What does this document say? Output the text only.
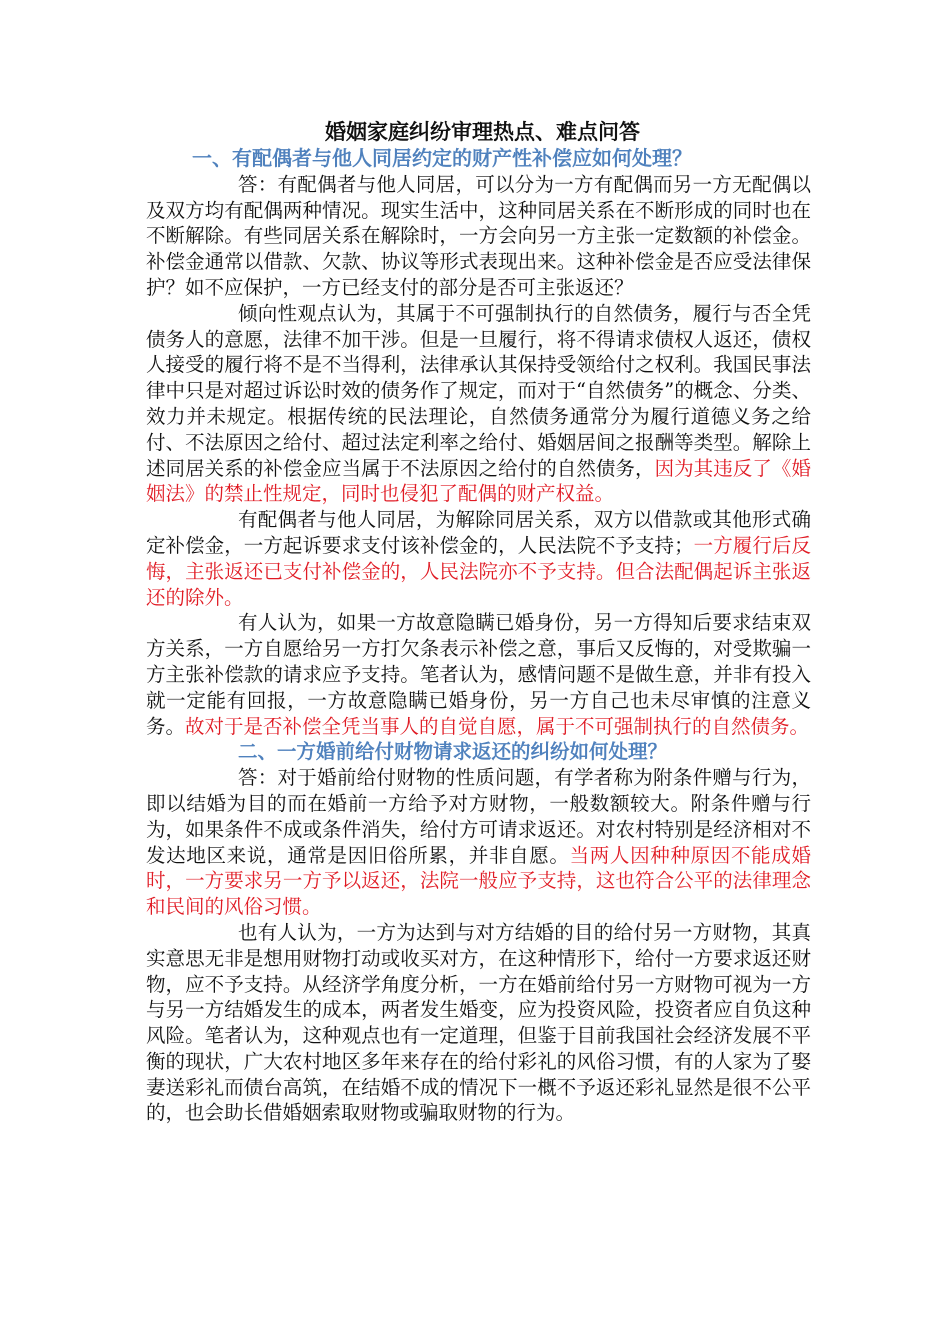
婚姻家庭纠纷审理热点、难点问答

一、有配偶者与他人同居约定的财产性补偿应如何处理？

答：有配偶者与他人同居，可以分为一方有配偶而另一方无配偶以及双方均有配偶两种情况。现实生活中，这种同居关系在不断形成的同时也在不断解除。有些同居关系在解除时，一方会向另一方主张一定数额的补偿金。补偿金通常以借款、欠款、协议等形式表现出来。这种补偿金是否应受法律保护？如不应保护，一方已经支付的部分是否可主张返还？

倾向性观点认为，其属于不可强制执行的自然债务，履行与否全凭债务人的意愿，法律不加干涉。但是一旦履行，将不得请求债权人返还，债权人接受的履行将不是不当得利，法律承认其保持受领给付之权利。我国民事法律中只是对超过诉讼时效的债务作了规定，而对于“自然债务”的概念、分类、效力并未规定。根据传统的民法理论，自然债务通常分为履行道德义务之给付、不法原因之给付、超过法定利率之给付、婚姻居间之报酬等类型。解除上述同居关系的补偿金应当属于不法原因之给付的自然债务，因为其违反了《婚姻法》的禁止性规定，同时也侵犯了配偶的财产权益。

有配偶者与他人同居，为解除同居关系，双方以借款或其他形式确定补偿金，一方起诉要求支付该补偿金的，人民法院不予支持；一方履行后反悔，主张返还已支付补偿金的，人民法院亦不予支持。但合法配偶起诉主张返还的除外。

有人认为，如果一方故意隐瞒已婚身份，另一方得知后要求结束双方关系，一方自愿给另一方打欠条表示补偿之意，事后又反悔的，对受欺骗一方主张补偿款的请求应予支持。笔者认为，感情问题不是做生意，并非有投入就一定能有回报，一方故意隐瞒已婚身份，另一方自己也未尽审慎的注意义务。故对于是否补偿全凭当事人的自觉自愿，属于不可强制执行的自然债务。

二、一方婚前给付财物请求返还的纠纷如何处理？

答：对于婚前给付财物的性质问题，有学者称为附条件赠与行为，即以结婚为目的而在婚前一方给予对方财物，一般数额较大。附条件赠与行为，如果条件不成或条件消失，给付方可请求返还。对农村特别是经济相对不发达地区来说，通常是因旧俗所累，并非自愿。当两人因种种原因不能成婚时，一方要求另一方予以返还，法院一般应予支持，这也符合公平的法律理念和民间的风俗习惯。

也有人认为，一方为达到与对方结婚的目的给付另一方财物，其真实意思无非是想用财物打动或收买对方，在这种情形下，给付一方要求返还财物，应不予支持。从经济学角度分析，一方在婚前给付另一方财物可视为一方与另一方结婚发生的成本，两者发生婚变，应为投资风险，投资者应自负这种风险。笔者认为，这种观点也有一定道理，但鉴于目前我国社会经济发展不平衡的现状，广大农村地区多年来存在的给付彩礼的风俗习惯，有的人家为了娶妻送彩礼而债台高筑，在结婚不成的情况下一概不予返还彩礼显然是很不公平的，也会助长借婚姻索取财物或骗取财物的行为。
